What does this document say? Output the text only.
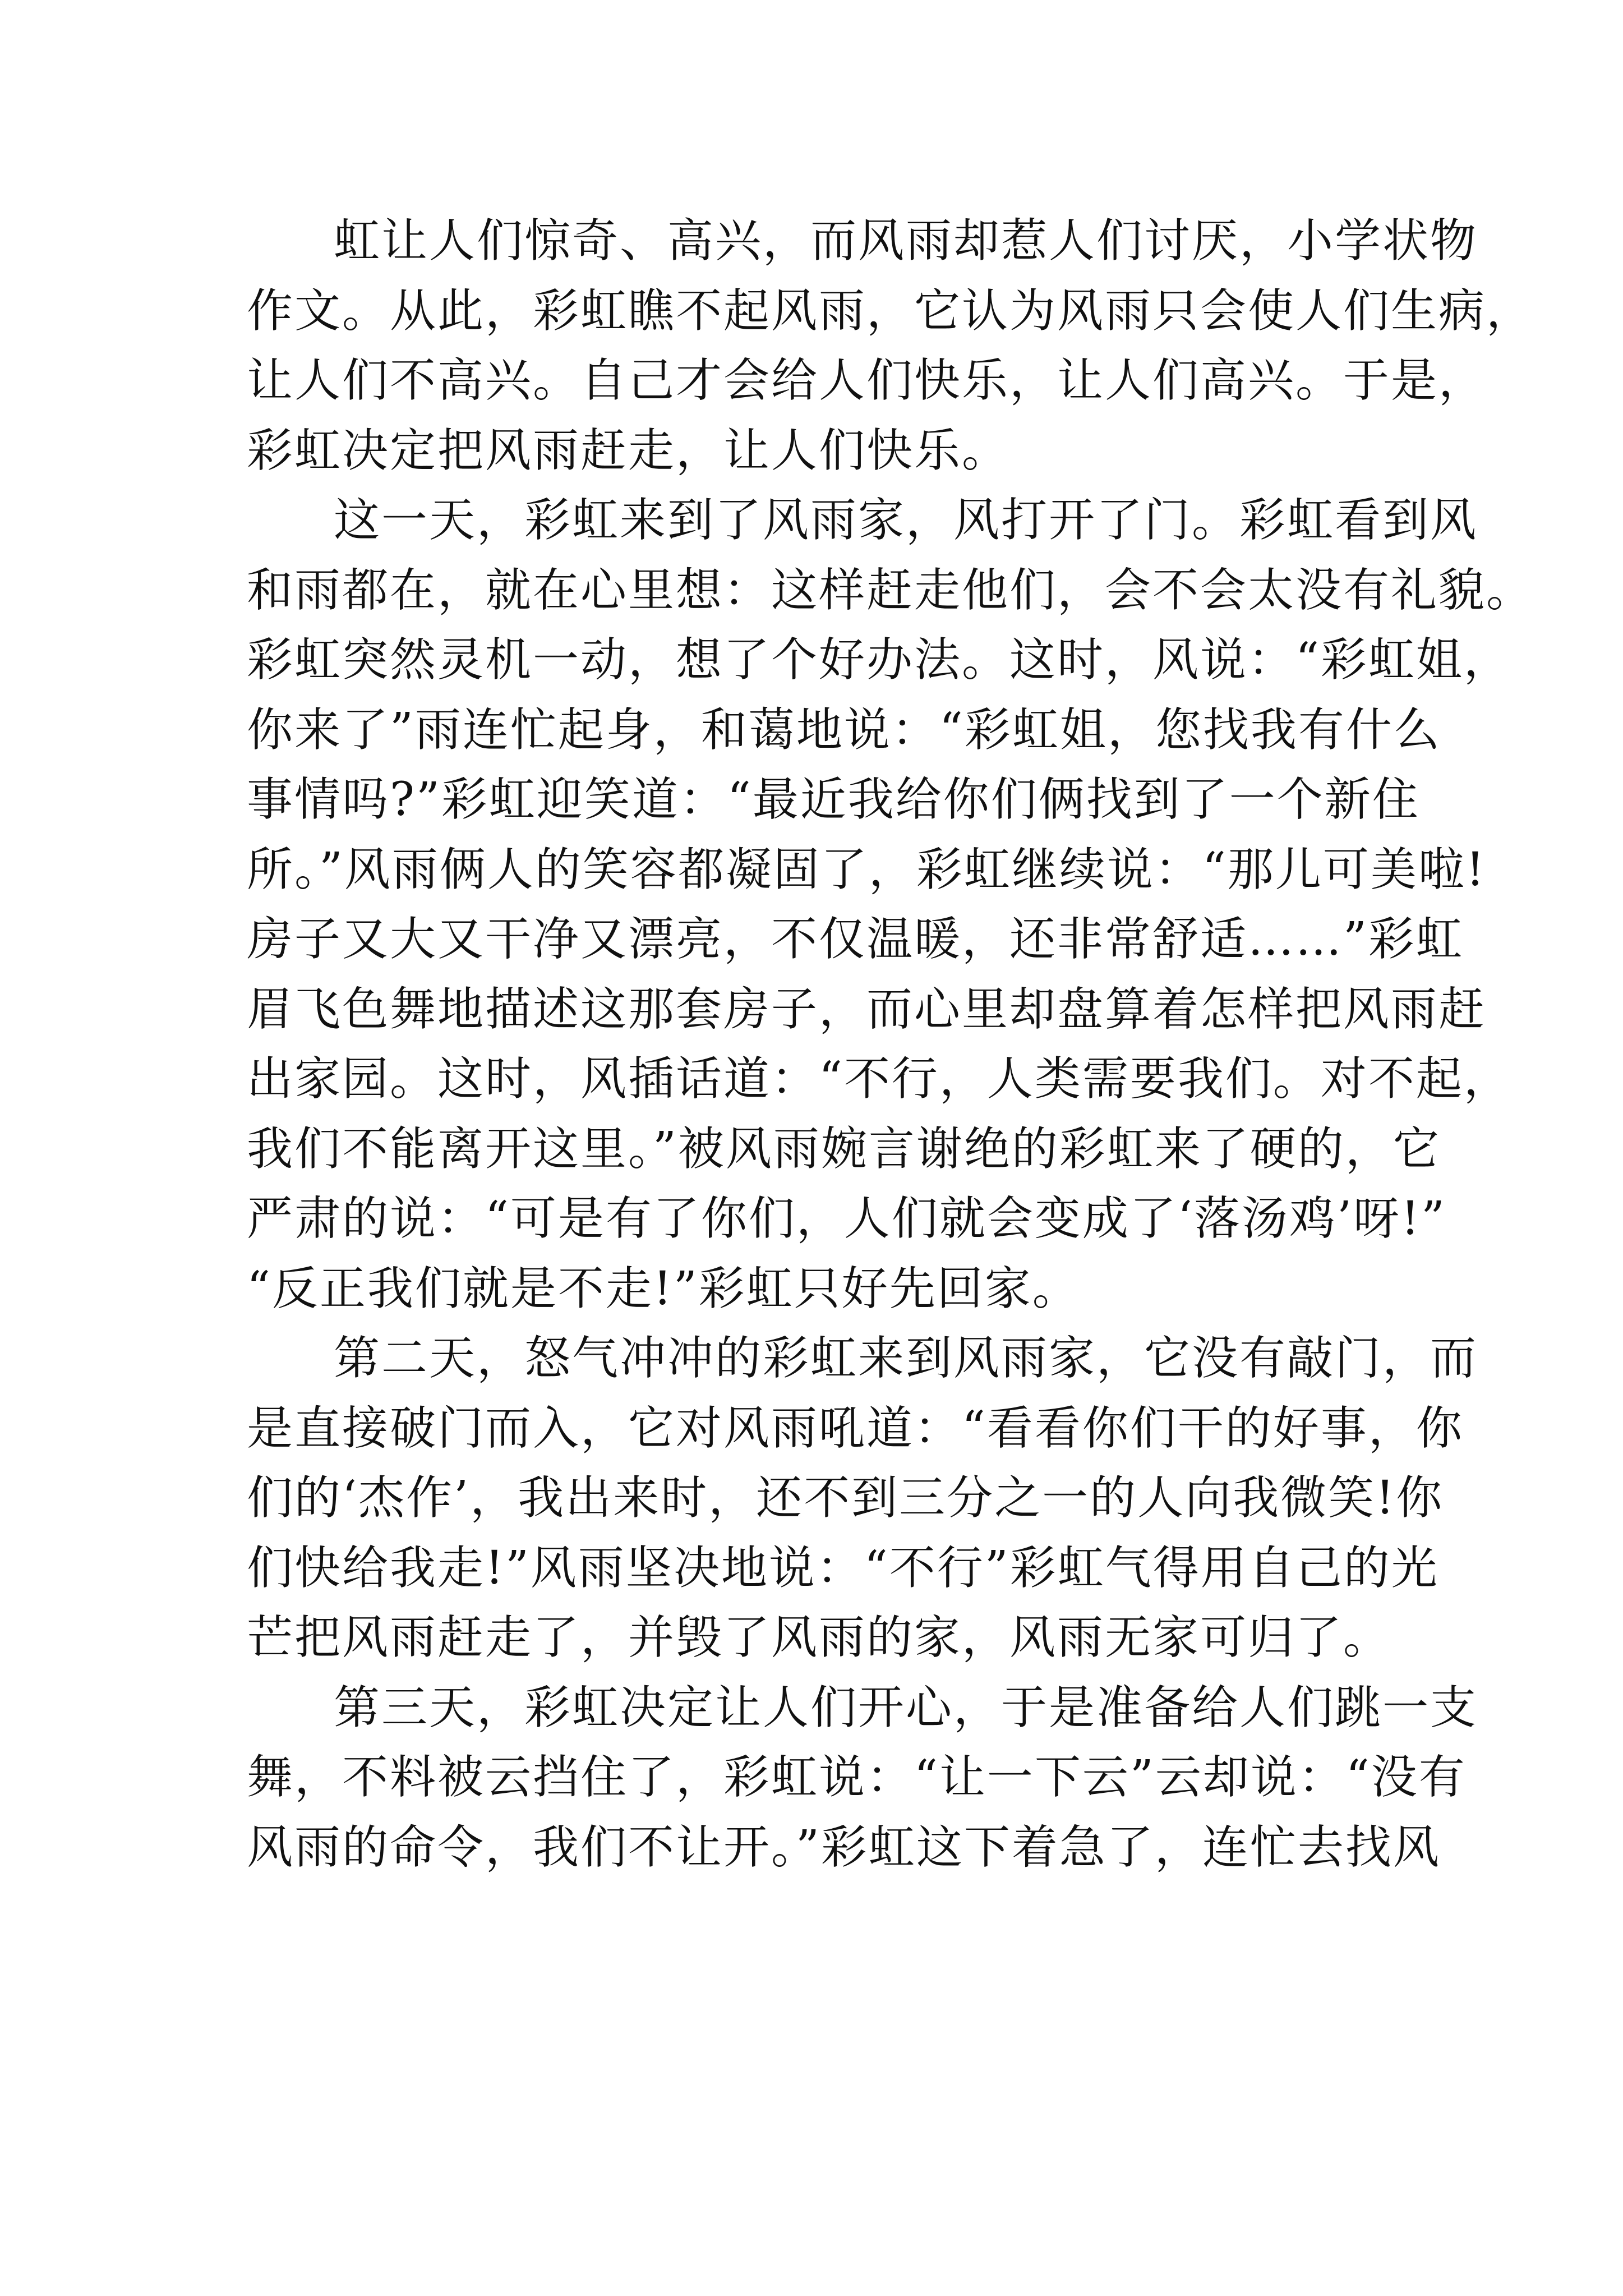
虹让人们惊奇、高兴，而风雨却惹人们讨厌，小学状物
作文。从此，彩虹瞧不起风雨，它认为风雨只会使人们生病，
让人们不高兴。自己才会给人们快乐，让人们高兴。于是，
彩虹决定把风雨赶走，让人们快乐。
这一天，彩虹来到了风雨家，风打开了门。彩虹看到风
和雨都在，就在心里想：这样赶走他们，会不会太没有礼貌。
彩虹突然灵机一动，想了个好办法。这时，风说：“彩虹姐，
你来了”雨连忙起身，和蔼地说：“彩虹姐，您找我有什么
事情吗?”彩虹迎笑道：“最近我给你们俩找到了一个新住
所。”风雨俩人的笑容都凝固了，彩虹继续说：“那儿可美啦!
房子又大又干净又漂亮，不仅温暖，还非常舒适……”彩虹
眉飞色舞地描述这那套房子，而心里却盘算着怎样把风雨赶
出家园。这时，风插话道：“不行，人类需要我们。对不起，
我们不能离开这里。”被风雨婉言谢绝的彩虹来了硬的，它
严肃的说：“可是有了你们，人们就会变成了‘落汤鸡’呀!”
“反正我们就是不走!”彩虹只好先回家。
第二天，怒气冲冲的彩虹来到风雨家，它没有敲门，而
是直接破门而入，它对风雨吼道：“看看你们干的好事，你
们的‘杰作’，我出来时，还不到三分之一的人向我微笑!你
们快给我走!”风雨坚决地说：“不行”彩虹气得用自己的光
芒把风雨赶走了，并毁了风雨的家，风雨无家可归了。
第三天，彩虹决定让人们开心，于是准备给人们跳一支
舞，不料被云挡住了，彩虹说：“让一下云”云却说：“没有
风雨的命令，我们不让开。”彩虹这下着急了，连忙去找风
